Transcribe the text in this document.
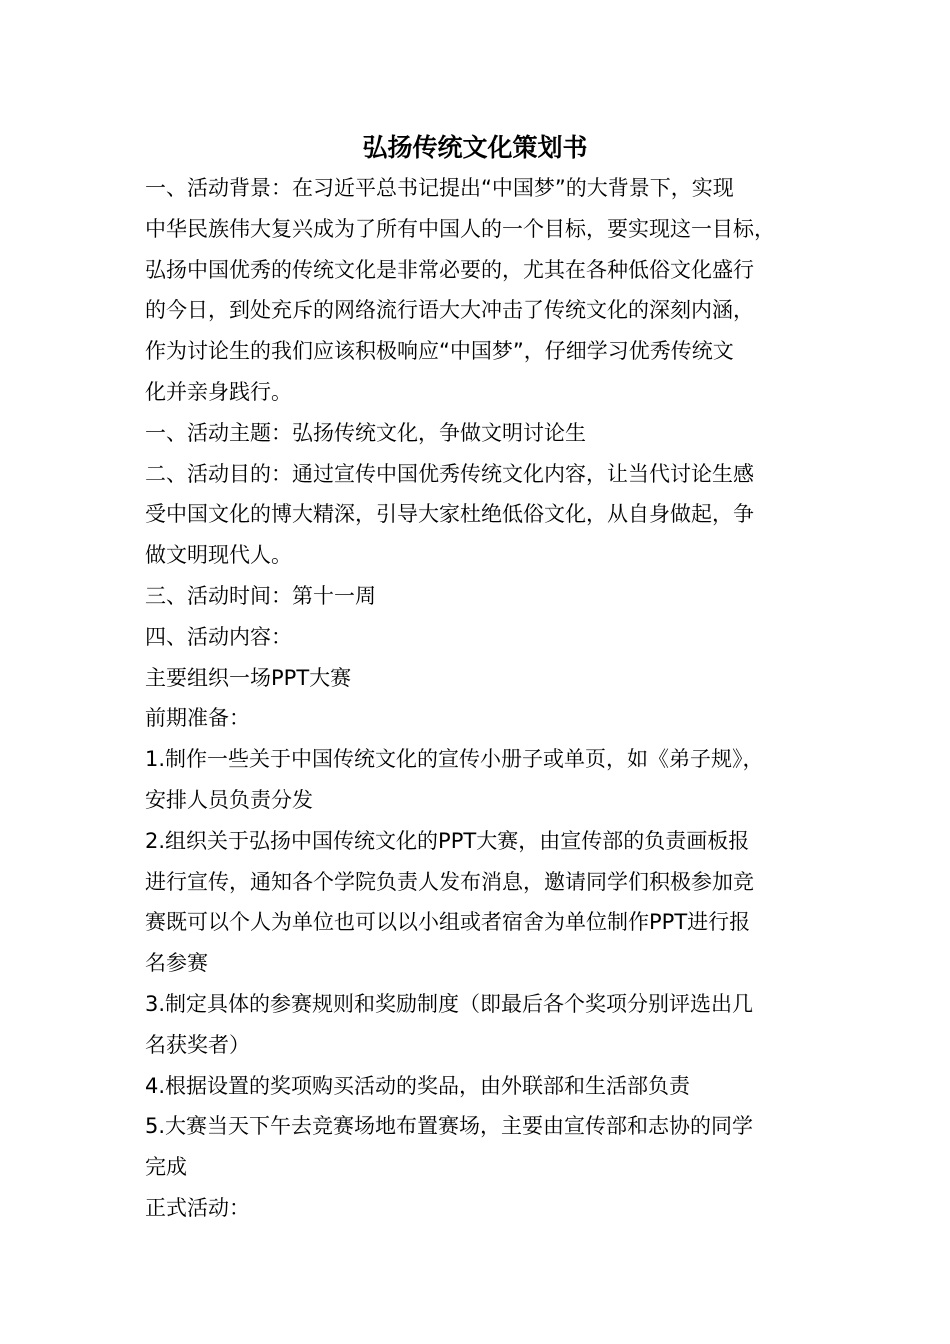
弘扬传统文化策划书

一、活动背景：在习近平总书记提出“中国梦”的大背景下，实现

中华民族伟大复兴成为了所有中国人的一个目标，要实现这一目标，

弘扬中国优秀的传统文化是非常必要的，尤其在各种低俗文化盛行

的今日，到处充斥的网络流行语大大冲击了传统文化的深刻内涵，

作为讨论生的我们应该积极响应“中国梦”，仔细学习优秀传统文

化并亲身践行。

一、活动主题：弘扬传统文化，争做文明讨论生

二、活动目的：通过宣传中国优秀传统文化内容，让当代讨论生感

受中国文化的博大精深，引导大家杜绝低俗文化，从自身做起，争

做文明现代人。

三、活动时间：第十一周

四、活动内容：

主要组织一场PPT大赛

前期准备：

1.制作一些关于中国传统文化的宣传小册子或单页，如《弟子规》，

安排人员负责分发

2.组织关于弘扬中国传统文化的PPT大赛，由宣传部的负责画板报

进行宣传，通知各个学院负责人发布消息，邀请同学们积极参加竞

赛既可以个人为单位也可以以小组或者宿舍为单位制作PPT进行报

名参赛

3.制定具体的参赛规则和奖励制度（即最后各个奖项分别评选出几

名获奖者）

4.根据设置的奖项购买活动的奖品，由外联部和生活部负责

5.大赛当天下午去竞赛场地布置赛场，主要由宣传部和志协的同学

完成

正式活动：
